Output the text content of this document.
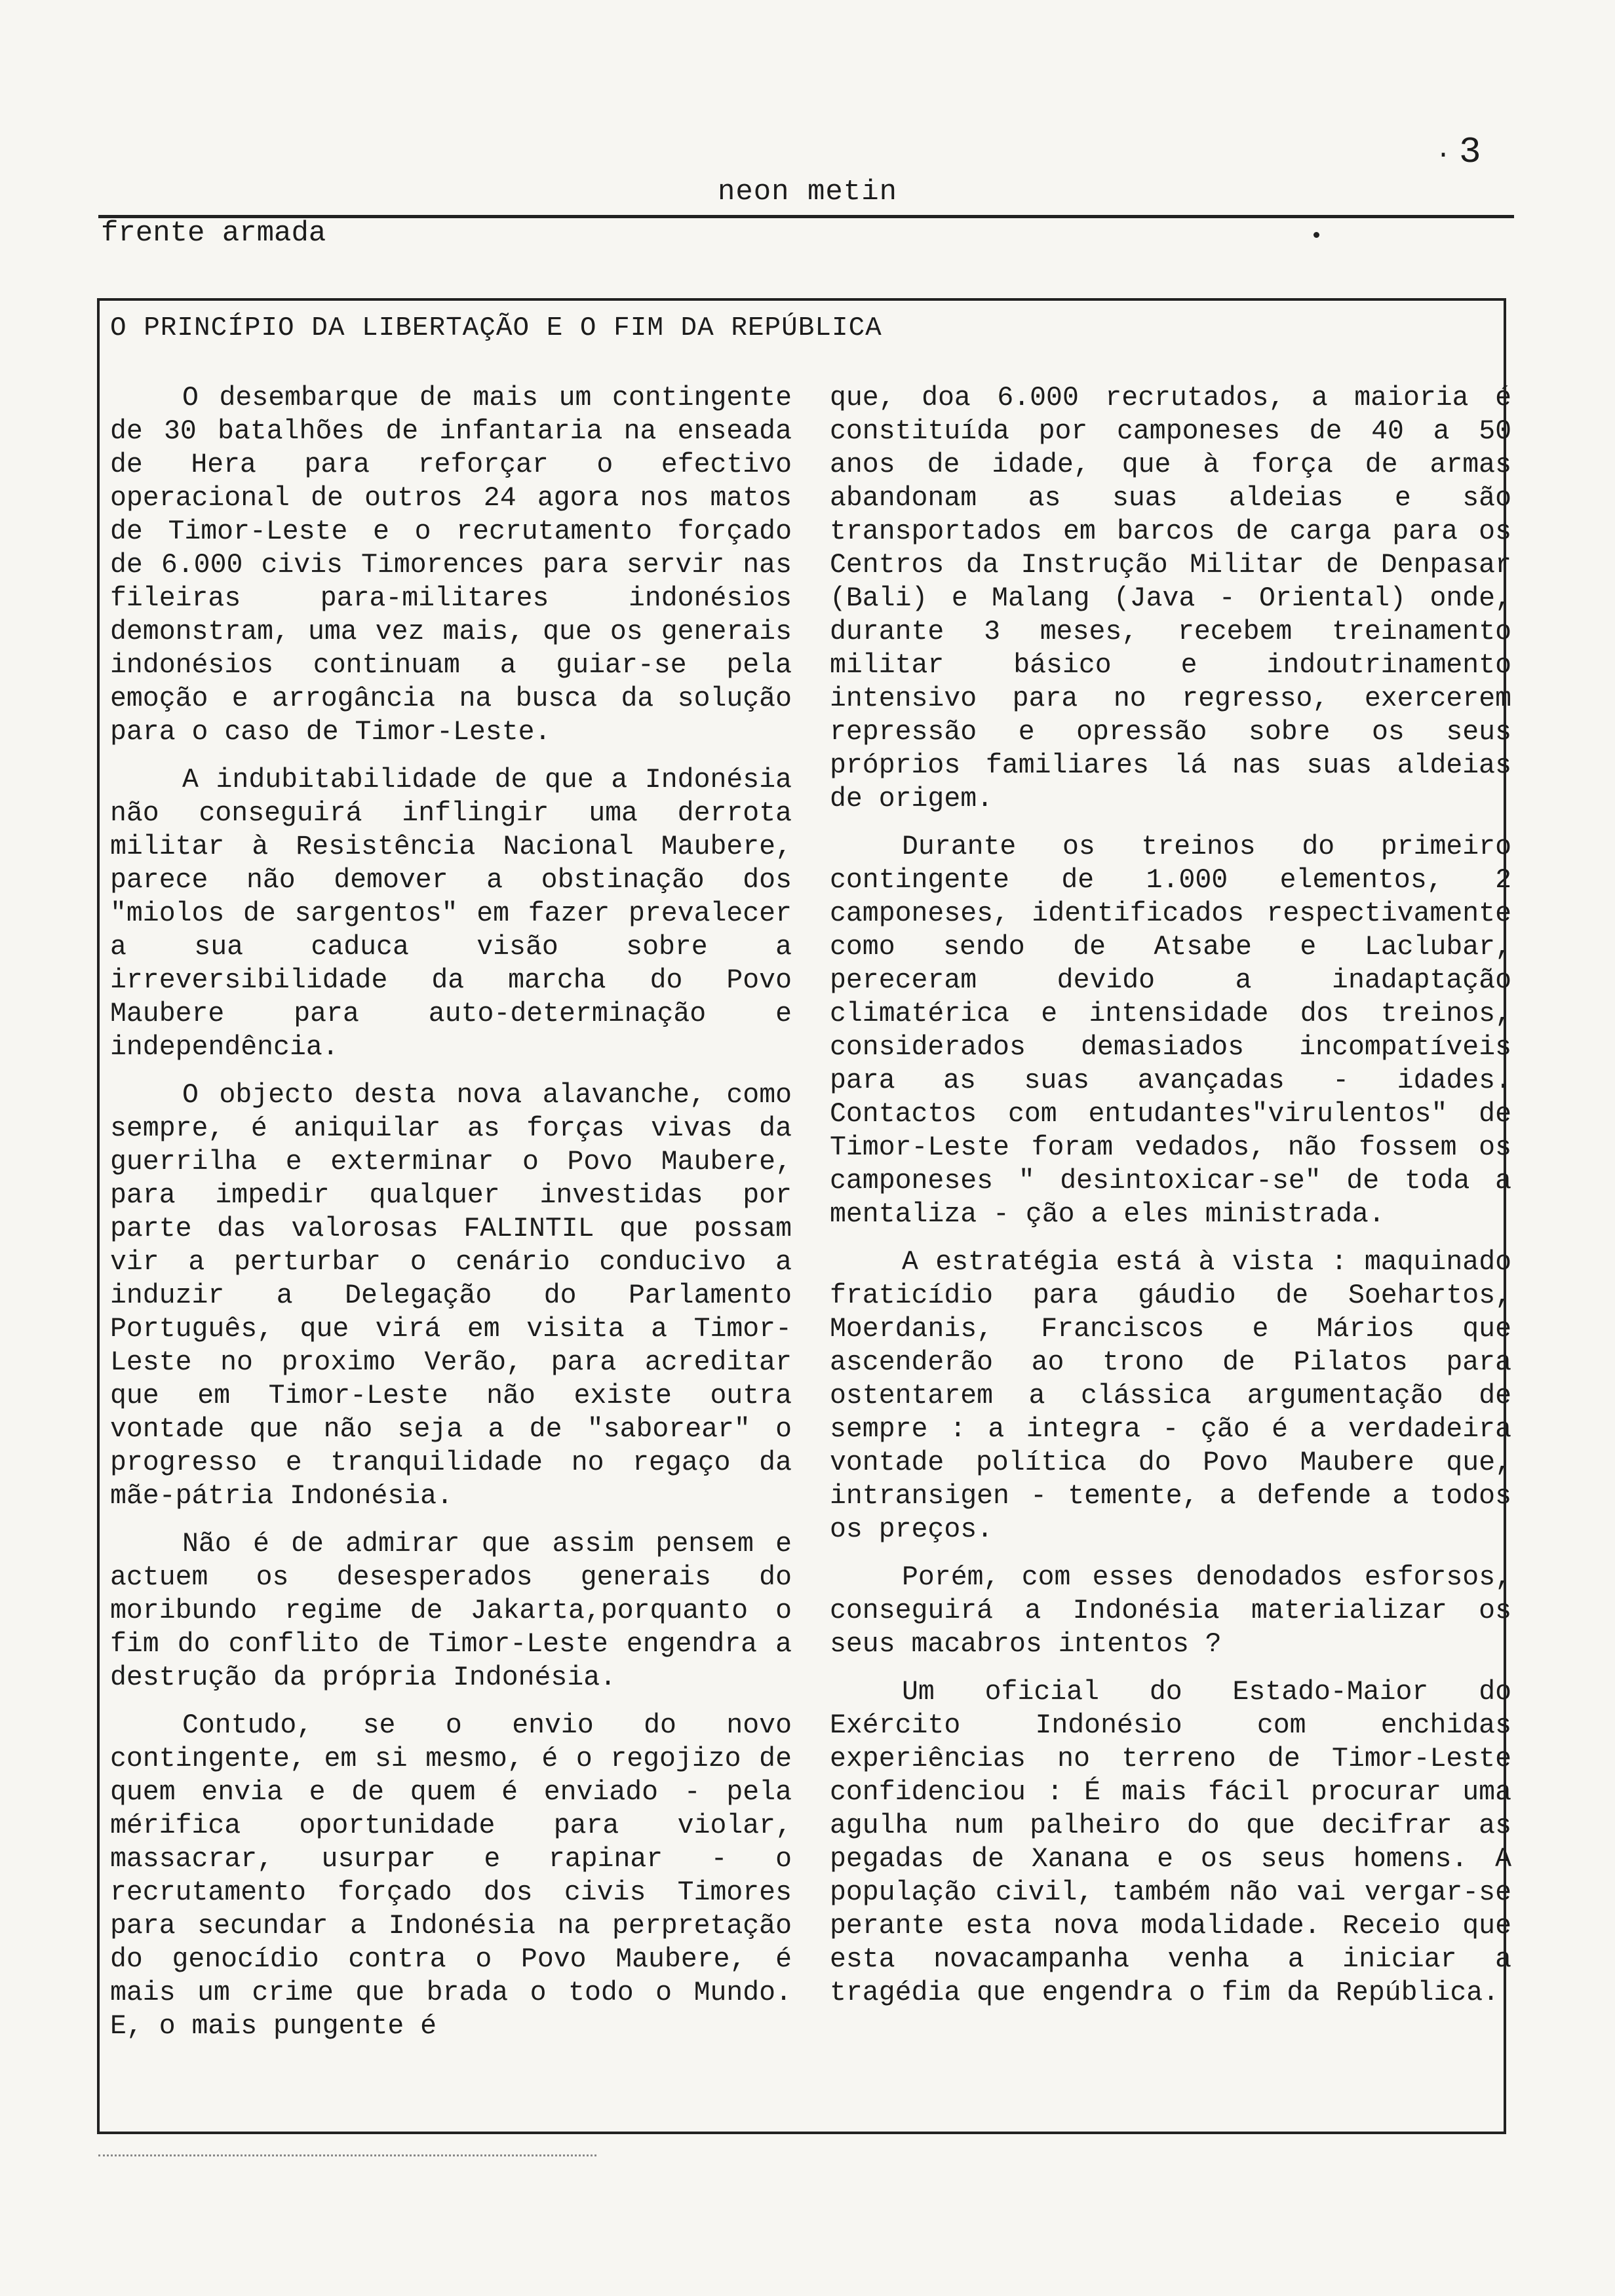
· 3
neon metin
frente armada
O PRINCÍPIO DA LIBERTAÇÃO E O FIM DA REPÚBLICA

O desembarque de mais um contingente de 30 batalhões de infantaria na enseada de Hera para reforçar o efectivo operacional de outros 24 agora nos matos de Timor-Leste e o recrutamento forçado de 6.000 civis Timorences para servir nas fileiras para-militares indonésios demonstram, uma vez mais, que os generais indonésios continuam a guiar-se pela emoção e arrogância na busca da solução para o caso de Timor-Leste.

A indubitabilidade de que a Indonésia não conseguirá inflingir uma derrota militar à Resistência Nacional Maubere, parece não demover a obstinação dos "miolos de sargentos" em fazer prevalecer a sua caduca visão sobre a irreversibilidade da marcha do Povo Maubere para auto-determinação e independência.

O objecto desta nova alavanche, como sempre, é aniquilar as forças vivas da guerrilha e exterminar o Povo Maubere, para impedir qualquer investidas por parte das valorosas FALINTIL que possam vir a perturbar o cenário conducivo a induzir a Delegação do Parlamento Português, que virá em visita a Timor-Leste no proximo Verão, para acreditar que em Timor-Leste não existe outra vontade que não seja a de "saborear" o progresso e tranquilidade no regaço da mãe-pátria Indonésia.

Não é de admirar que assim pensem e actuem os desesperados generais do moribundo regime de Jakarta,porquanto o fim do conflito de Timor-Leste engendra a destrução da própria Indonésia.

Contudo, se o envio do novo contingente, em si mesmo, é o regojizo de quem envia e de quem é enviado - pela mérifica oportunidade para violar, massacrar, usurpar e rapinar - o recrutamento forçado dos civis Timores para secundar a Indonésia na perpretação do genocídio contra o Povo Maubere, é mais um crime que brada o todo o Mundo. E, o mais pungente é

que, doa 6.000 recrutados, a maioria é constituída por camponeses de 40 a 50 anos de idade, que à força de armas abandonam as suas aldeias e são transportados em barcos de carga para os Centros da Instrução Militar de Denpasar (Bali) e Malang (Java - Oriental) onde, durante 3 meses, recebem treinamento militar básico e indoutrinamento intensivo para no regresso, exercerem repressão e opressão sobre os seus próprios familiares lá nas suas aldeias de origem.

Durante os treinos do primeiro contingente de 1.000 elementos, 2 camponeses, identificados respectivamente como sendo de Atsabe e Laclubar, pereceram devido a inadaptação climatérica e intensidade dos treinos, considerados demasiados incompatíveis para as suas avançadas - idades. Contactos com entudantes"virulentos" de Timor-Leste foram vedados, não fossem os camponeses " desintoxicar-se" de toda a mentaliza - ção a eles ministrada.

A estratégia está à vista : maquinado fraticídio para gáudio de Soehartos, Moerdanis, Franciscos e Mários que ascenderão ao trono de Pilatos para ostentarem a clássica argumentação de sempre : a integra - ção é a verdadeira vontade política do Povo Maubere que, intransigen - temente, a defende a todos os preços.

Porém, com esses denodados esforsos, conseguirá a Indonésia materializar os seus macabros intentos ?

Um oficial do Estado-Maior do Exército Indonésio com enchidas experiências no terreno de Timor-Leste confidenciou : É mais fácil procurar uma agulha num palheiro do que decifrar as pegadas de Xanana e os seus homens. A população civil, também não vai vergar-se perante esta nova modalidade. Receio que esta novacampanha venha a iniciar a tragédia que engendra o fim da República.
